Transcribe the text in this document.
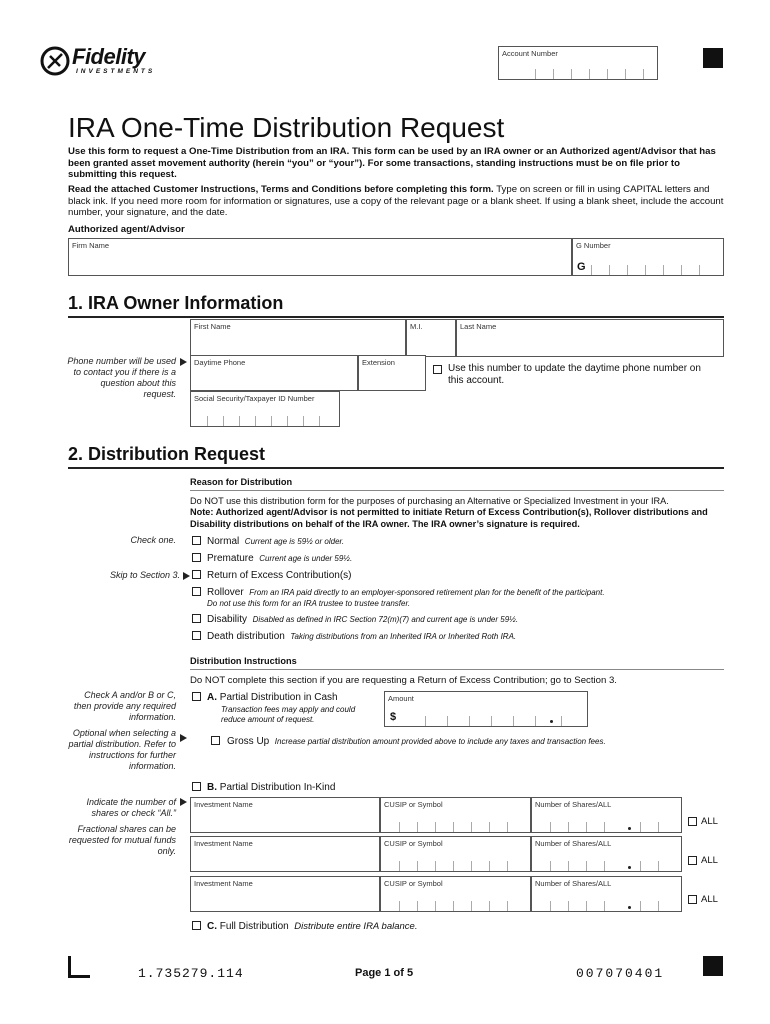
Fidelity
INVESTMENTS
Account Number
IRA One-Time Distribution Request
Use this form to request a One-Time Distribution from an IRA. This form can be used by an IRA owner or an Authorized agent/Advisor that has been granted asset movement authority (herein “you” or “your”). For some transactions, standing instructions must be on file prior to submitting this request.
Read the attached Customer Instructions, Terms and Conditions before completing this form. Type on screen or fill in using CAPITAL letters and black ink. If you need more room for information or signatures, use a copy of the relevant page or a blank sheet. If using a blank sheet, include the account number, your signature, and the date.
Authorized agent/Advisor
Firm Name	G Number
G
1. IRA Owner Information
First Name	M.I.	Last Name
Phone number will be used to contact you if there is a question about this request.
Daytime Phone	Extension
Use this number to update the daytime phone number on this account.
Social Security/Taxpayer ID Number
2. Distribution Request
Reason for Distribution
Do NOT use this distribution form for the purposes of purchasing an Alternative or Specialized Investment in your IRA.
Note: Authorized agent/Advisor is not permitted to initiate Return of Excess Contribution(s), Rollover distributions and Disability distributions on behalf of the IRA owner. The IRA owner’s signature is required.
Check one.
Skip to Section 3.
Normal Current age is 59½ or older.
Premature Current age is under 59½.
Return of Excess Contribution(s)
Rollover From an IRA paid directly to an employer-sponsored retirement plan for the benefit of the participant.
Do not use this form for an IRA trustee to trustee transfer.
Disability Disabled as defined in IRC Section 72(m)(7) and current age is under 59½.
Death distribution Taking distributions from an Inherited IRA or Inherited Roth IRA.
Distribution Instructions
Do NOT complete this section if you are requesting a Return of Excess Contribution; go to Section 3.
Check A and/or B or C, then provide any required information.
Optional when selecting a partial distribution. Refer to instructions for further information.
A. Partial Distribution in Cash
Transaction fees may apply and could reduce amount of request.
Amount
$
Gross Up Increase partial distribution amount provided above to include any taxes and transaction fees.
B. Partial Distribution In-Kind
Indicate the number of shares or check “All.”
Fractional shares can be requested for mutual funds only.
Investment Name	CUSIP or Symbol	Number of Shares/ALL
ALL
Investment Name	CUSIP or Symbol	Number of Shares/ALL
ALL
Investment Name	CUSIP or Symbol	Number of Shares/ALL
ALL
C. Full Distribution Distribute entire IRA balance.
1.735279.114	Page 1 of 5	007070401
